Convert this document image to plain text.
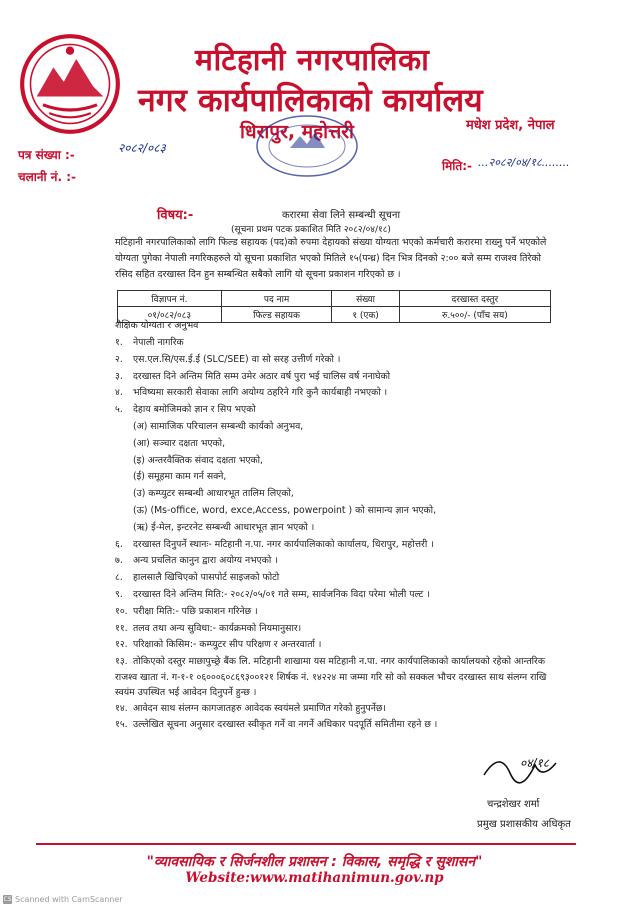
मटिहानी नगरपालिका
नगर कार्यपालिकाको कार्यालय
धिरापुर, महोत्तरी	मधेश प्रदेश, नेपाल
पत्र संख्या :-	२०८२/०८३
चलानी नं. :-
मिति:- ...२०८२/०४/१८........
विषय:-	करारमा सेवा लिने सम्बन्धी सूचना
(सूचना प्रथम पटक प्रकाशित मिति २०८२/०४/१८)
मटिहानी नगरपालिकाको लागि फिल्ड सहायक (पद)को रुपमा देहायको संख्या योग्यता भएको कर्मचारी करारमा राख्नु पर्ने भएकोले योग्यता पुगेका नेपाली नगरिकहरुले यो सूचना प्रकाशित भएको मितिले १५(पन्ध्र) दिन भित्र दिनको २:०० बजे सम्म राजश्व तिरेको रसिद सहित दरखास्त दिन हुन सम्बन्धित सबैको लागि यो सूचना प्रकाशन गरिएको छ ।
विज्ञापन नं.	पद नाम	संख्या	दरखास्त दस्तुर
०१/०८२/०८३	फिल्ड सहायक	१ (एक)	रु.५००/- (पाँच सय)
शैक्षिक योग्यता र अनुभव
१. नेपाली नागरिक
२. एस.एल.सि/एस.ई.ई (SLC/SEE) वा सो सरह उत्तीर्ण गरेको ।
३. दरखास्त दिने अन्तिम मिति सम्म उमेर अठार वर्ष पुरा भई चालिस वर्ष ननाघेको
४. भविष्यमा सरकारी सेवाका लागि अयोग्य ठहरिने गरि कुनै कार्यबाही नभएको ।
५. देहाय बमोजिमको ज्ञान र सिप भएको
(अ) सामाजिक परिचालन सम्बन्धी कार्यको अनुभव,
(आ) सञ्चार दक्षता भएको,
(इ) अन्तरवैक्तिक संवाद दक्षता भएको,
(ई) समूहमा काम गर्न सक्ने,
(उ) कम्प्युटर सम्बन्धी आधारभूत तालिम लिएको,
(ऊ) (Ms-office, word, exce,Access, powerpoint ) को सामान्य ज्ञान भएको,
(ऋ) ई-मेल, इन्टरनेट सम्बन्धी आधारभूत ज्ञान भएको ।
६. दरखास्त दिनुपर्ने स्थानः- मटिहानी न.पा. नगर कार्यपालिकाको कार्यालय, धिरापुर, महोत्तरी ।
७. अन्य प्रचलित कानुन द्वारा अयोग्य नभएको ।
८. हालसालै खिचिएको पासपोर्ट साइजको फोटो
९. दरखास्त दिने अन्तिम मिति:- २०८२/०५/०१ गते सम्म, सार्वजनिक विदा परेमा भोली पल्ट ।
१०. परीक्षा मिति:- पछि प्रकाशन गरिनेछ ।
११. तलव तथा अन्य सुविधा:- कार्यक्रमको नियमानुसार।
१२. परिक्षाको किसिम:- कम्प्युटर सीप परिक्षण र अन्तरवार्ता ।
१३. तोकिएको दस्तुर माछापुच्छ्रे बैंक लि. मटिहानी शाखामा यस मटिहानी न.पा. नगर कार्यपालिकाको कार्यालयको रहेको आन्तरिक राजश्व खाता नं. ग-१-१ ०६०००६०८६९३००१२१ शिर्षक नं. १४२२४ मा जम्मा गरि सो को सक्कल भौचर दरखास्त साथ संलग्न राखि स्वयंम उपस्थित भई आवेदन दिनुपर्ने हुन्छ ।
१४. आवेदन साथ संलग्न कागजातहरु आवेदक स्वयंमले प्रमाणित गरेको हुनुपर्नेछ।
१५. उल्लेखित सूचना अनुसार दरखास्त स्वीकृत गर्ने वा नगर्ने अधिकार पदपूर्ति समितीमा रहने छ ।
०४/१८
चन्द्रशेखर शर्मा
प्रमुख प्रशासकीय अधिकृत
"व्यावसायिक र सिर्जनशील प्रशासन : विकास, समृद्धि र सुशासन"
Website:www.matihanimun.gov.np
CS Scanned with CamScanner
